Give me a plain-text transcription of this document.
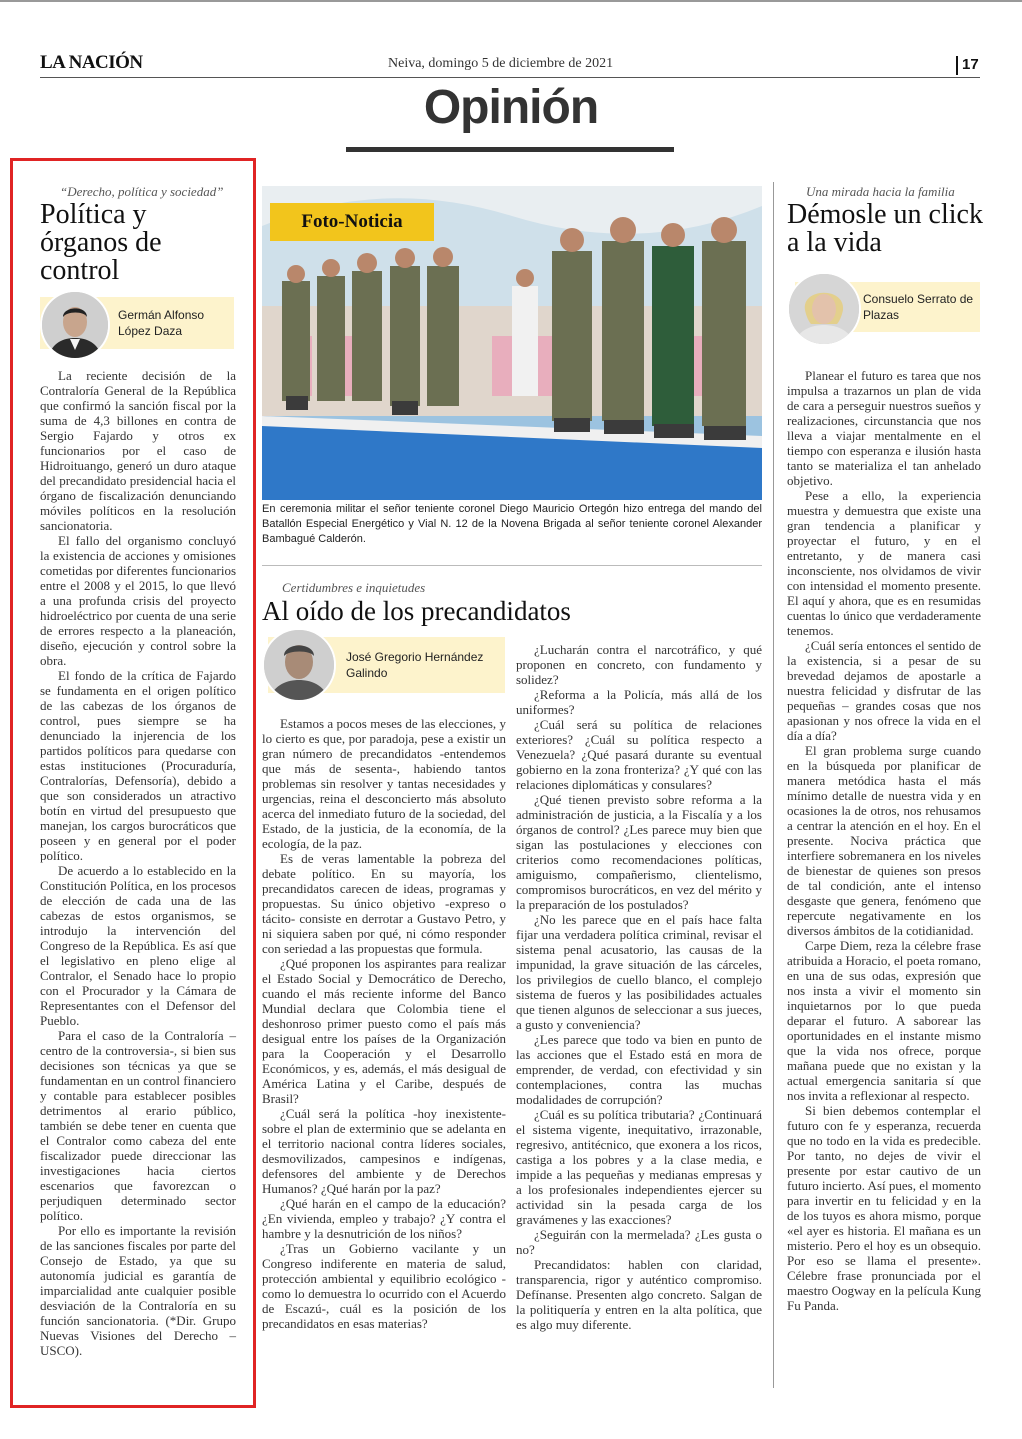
LA NACIÓN	Neiva, domingo 5 de diciembre de 2021	17
Opinión
“Derecho, política y sociedad”
Política y órganos de control
Germán Alfonso López Daza

La reciente decisión de la Contraloría General de la República que confirmó la sanción fiscal por la suma de 4,3 billones en contra de Sergio Fajardo y otros ex funcionarios por el caso de Hidroituango, generó un duro ataque del precandidato presidencial hacia el órgano de fiscalización denunciando móviles políticos en la resolución sancionatoria.

El fallo del organismo concluyó la existencia de acciones y omisiones cometidas por diferentes funcionarios entre el 2008 y el 2015, lo que llevó a una profunda crisis del proyecto hidroeléctrico por cuenta de una serie de errores respecto a la planeación, diseño, ejecución y control sobre la obra.

El fondo de la crítica de Fajardo se fundamenta en el origen político de las cabezas de los órganos de control, pues siempre se ha denunciado la injerencia de los partidos políticos para quedarse con estas instituciones (Procuraduría, Contralorías, Defensoría), debido a que son considerados un atractivo botín en virtud del presupuesto que manejan, los cargos burocráticos que poseen y en general por el poder político.

De acuerdo a lo establecido en la Constitución Política, en los procesos de elección de cada una de las cabezas de estos organismos, se introdujo la intervención del Congreso de la República. Es así que el legislativo en pleno elige al Contralor, el Senado hace lo propio con el Procurador y la Cámara de Representantes con el Defensor del Pueblo.

Para el caso de la Contraloría – centro de la controversia-, si bien sus decisiones son técnicas ya que se fundamentan en un control financiero y contable para establecer posibles detrimentos al erario público, también se debe tener en cuenta que el Contralor como cabeza del ente fiscalizador puede direccionar las investigaciones hacia ciertos escenarios que favorezcan o perjudiquen determinado sector político.

Por ello es importante la revisión de las sanciones fiscales por parte del Consejo de Estado, ya que su autonomía judicial es garantía de imparcialidad ante cualquier posible desviación de la Contraloría en su función sancionatoria. (*Dir. Grupo Nuevas Visiones del Derecho – USCO).

Foto-Noticia
En ceremonia militar el señor teniente coronel Diego Mauricio Ortegón hizo entrega del mando del Batallón Especial Energético y Vial N. 12 de la Novena Brigada al señor teniente coronel Alexander Bambagué Calderón.
Certidumbres e inquietudes
Al oído de los precandidatos
José Gregorio Hernández Galindo

Estamos a pocos meses de las elecciones, y lo cierto es que, por paradoja, pese a existir un gran número de precandidatos -entendemos que más de sesenta-, habiendo tantos problemas sin resolver y tantas necesidades y urgencias, reina el desconcierto más absoluto acerca del inmediato futuro de la sociedad, del Estado, de la justicia, de la economía, de la ecología, de la paz.

Es de veras lamentable la pobreza del debate político. En su mayoría, los precandidatos carecen de ideas, programas y propuestas. Su único objetivo -expreso o tácito- consiste en derrotar a Gustavo Petro, y ni siquiera saben por qué, ni cómo responder con seriedad a las propuestas que formula.

¿Qué proponen los aspirantes para realizar el Estado Social y Democrático de Derecho, cuando el más reciente informe del Banco Mundial declara que Colombia tiene el deshonroso primer puesto como el país más desigual entre los países de la Organización para la Cooperación y el Desarrollo Económicos, y es, además, el más desigual de América Latina y el Caribe, después de Brasil?

¿Cuál será la política -hoy inexistente- sobre el plan de exterminio que se adelanta en el territorio nacional contra líderes sociales, desmovilizados, campesinos e indígenas, defensores del ambiente y de Derechos Humanos? ¿Qué harán por la paz?

¿Qué harán en el campo de la educación? ¿En vivienda, empleo y trabajo? ¿Y contra el hambre y la desnutrición de los niños?

¿Tras un Gobierno vacilante y un Congreso indiferente en materia de salud, protección ambiental y equilibrio ecológico -como lo demuestra lo ocurrido con el Acuerdo de Escazú-, cuál es la posición de los precandidatos en esas materias?

¿Lucharán contra el narcotráfico, y qué proponen en concreto, con fundamento y solidez?

¿Reforma a la Policía, más allá de los uniformes?

¿Cuál será su política de relaciones exteriores? ¿Cuál su política respecto a Venezuela? ¿Qué pasará durante su eventual gobierno en la zona fronteriza? ¿Y qué con las relaciones diplomáticas y consulares?

¿Qué tienen previsto sobre reforma a la administración de justicia, a la Fiscalía y a los órganos de control? ¿Les parece muy bien que sigan las postulaciones y elecciones con criterios como recomendaciones políticas, amiguismo, compañerismo, clientelismo, compromisos burocráticos, en vez del mérito y la preparación de los postulados?

¿No les parece que en el país hace falta fijar una verdadera política criminal, revisar el sistema penal acusatorio, las causas de la impunidad, la grave situación de las cárceles, los privilegios de cuello blanco, el complejo sistema de fueros y las posibilidades actuales que tienen algunos de seleccionar a sus jueces, a gusto y conveniencia?

¿Les parece que todo va bien en punto de las acciones que el Estado está en mora de emprender, de verdad, con efectividad y sin contemplaciones, contra las muchas modalidades de corrupción?

¿Cuál es su política tributaria? ¿Continuará el sistema vigente, inequitativo, irrazonable, regresivo, antitécnico, que exonera a los ricos, castiga a los pobres y a la clase media, e impide a las pequeñas y medianas empresas y a los profesionales independientes ejercer su actividad sin la pesada carga de los gravámenes y las exacciones?

¿Seguirán con la mermelada? ¿Les gusta o no?

Precandidatos: hablen con claridad, transparencia, rigor y auténtico compromiso. Defínanse. Presenten algo concreto. Salgan de la politiquería y entren en la alta política, que es algo muy diferente.

Una mirada hacia la familia
Démosle un click a la vida
Consuelo Serrato de Plazas

Planear el futuro es tarea que nos impulsa a trazarnos un plan de vida de cara a perseguir nuestros sueños y realizaciones, circunstancia que nos lleva a viajar mentalmente en el tiempo con esperanza e ilusión hasta tanto se materializa el tan anhelado objetivo.

Pese a ello, la experiencia muestra y demuestra que existe una gran tendencia a planificar y proyectar el futuro, y en el entretanto, y de manera casi inconsciente, nos olvidamos de vivir con intensidad el momento presente. El aquí y ahora, que es en resumidas cuentas lo único que verdaderamente tenemos.

¿Cuál sería entonces el sentido de la existencia, si a pesar de su brevedad dejamos de apostarle a nuestra felicidad y disfrutar de las pequeñas – grandes cosas que nos apasionan y nos ofrece la vida en el día a día?

El gran problema surge cuando en la búsqueda por planificar de manera metódica hasta el más mínimo detalle de nuestra vida y en ocasiones la de otros, nos rehusamos a centrar la atención en el hoy. En el presente. Nociva práctica que interfiere sobremanera en los niveles de bienestar de quienes son presos de tal condición, ante el intenso desgaste que genera, fenómeno que repercute negativamente en los diversos ámbitos de la cotidianidad.

Carpe Diem, reza la célebre frase atribuida a Horacio, el poeta romano, en una de sus odas, expresión que nos insta a vivir el momento sin inquietarnos por lo que pueda deparar el futuro. A saborear las oportunidades en el instante mismo que la vida nos ofrece, porque mañana puede que no existan y la actual emergencia sanitaria sí que nos invita a reflexionar al respecto.

Si bien debemos contemplar el futuro con fe y esperanza, recuerda que no todo en la vida es predecible. Por tanto, no dejes de vivir el presente por estar cautivo de un futuro incierto. Así pues, el momento para invertir en tu felicidad y en la de los tuyos es ahora mismo, porque «el ayer es historia. El mañana es un misterio. Pero el hoy es un obsequio. Por eso se llama el presente». Célebre frase pronunciada por el maestro Oogway en la película Kung Fu Panda.
